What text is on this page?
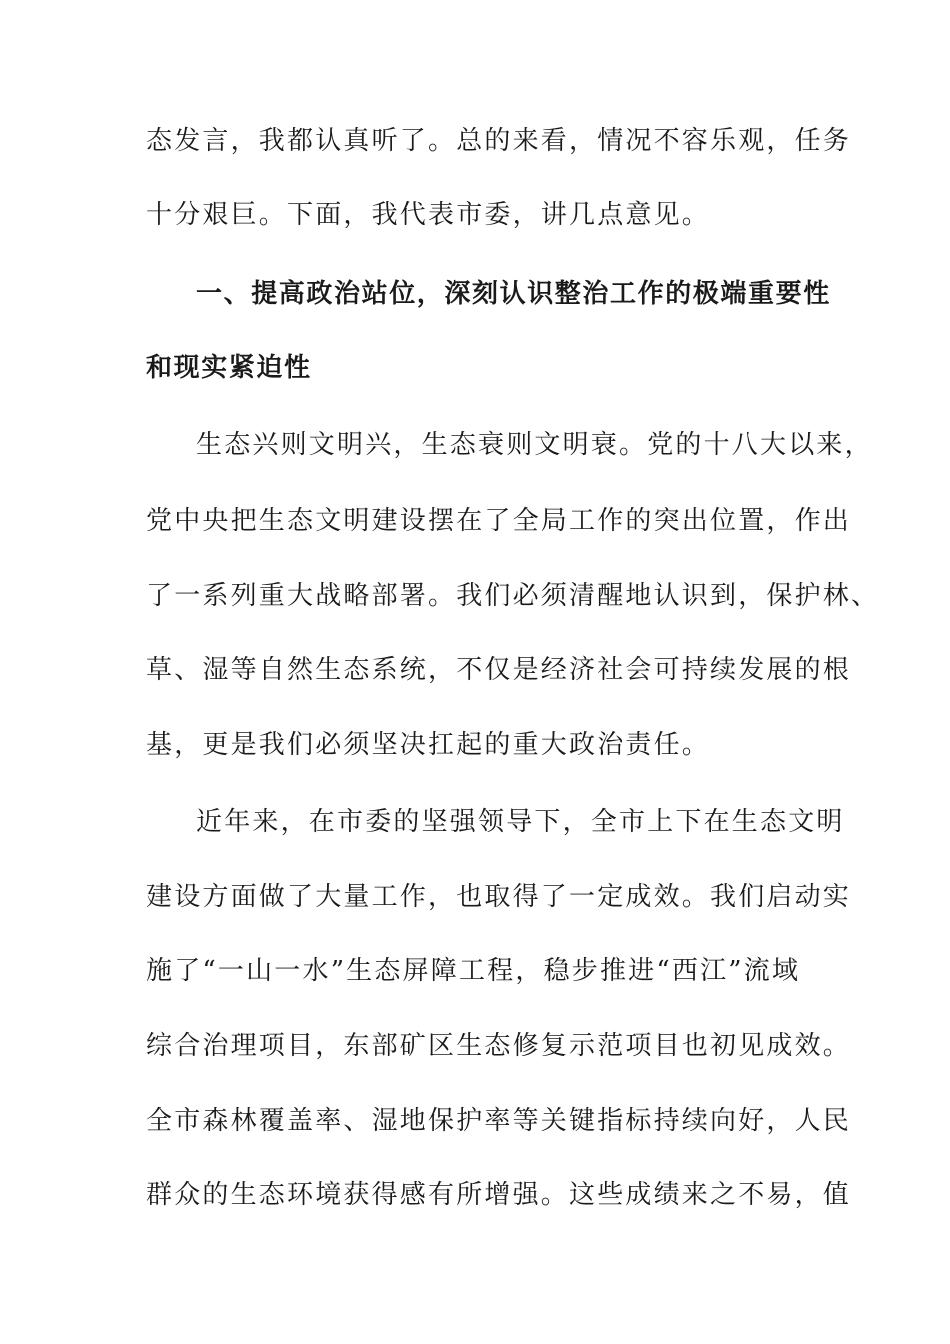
态发言，我都认真听了。总的来看，情况不容乐观，任务
十分艰巨。下面，我代表市委，讲几点意见。
一、提高政治站位，深刻认识整治工作的极端重要性
和现实紧迫性
生态兴则文明兴，生态衰则文明衰。党的十八大以来，
党中央把生态文明建设摆在了全局工作的突出位置，作出
了一系列重大战略部署。我们必须清醒地认识到，保护林、
草、湿等自然生态系统，不仅是经济社会可持续发展的根
基，更是我们必须坚决扛起的重大政治责任。
近年来，在市委的坚强领导下，全市上下在生态文明
建设方面做了大量工作，也取得了一定成效。我们启动实
施了“一山一水”生态屏障工程，稳步推进“西江”流域
综合治理项目，东部矿区生态修复示范项目也初见成效。
全市森林覆盖率、湿地保护率等关键指标持续向好，人民
群众的生态环境获得感有所增强。这些成绩来之不易，值
